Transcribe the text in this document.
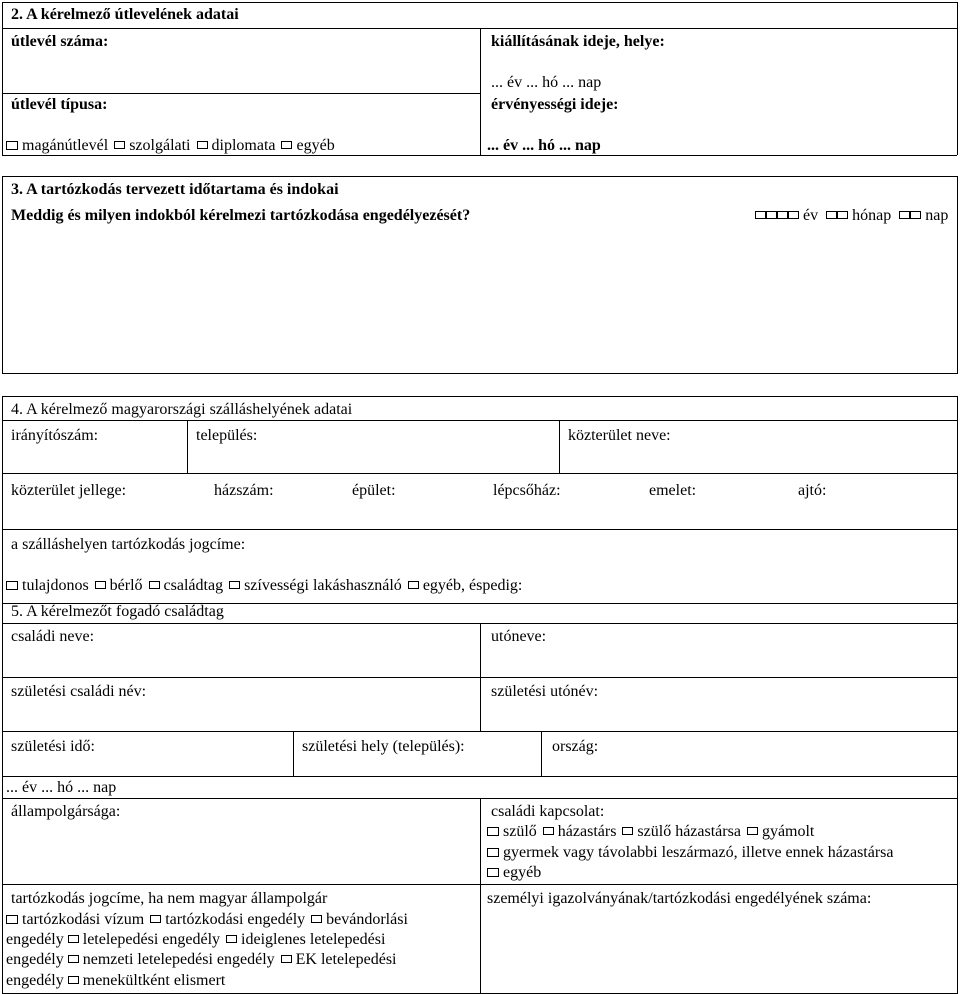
2. A kérelmező útlevelének adatai
útlevél száma:	kiállításának ideje, helye:
... év ... hó ... nap
útlevél típusa:	érvényességi ideje:
magánútlevél szolgálati diplomata egyéb	... év ... hó ... nap
3. A tartózkodás tervezett időtartama és indokai
Meddig és milyen indokból kérelmezi tartózkodása engedélyezését?	év hónap nap
4. A kérelmező magyarországi szálláshelyének adatai
irányítószám:	település:	közterület neve:
közterület jellege:	házszám:	épület:	lépcsőház:	emelet:	ajtó:
a szálláshelyen tartózkodás jogcíme:
tulajdonos bérlő családtag szívességi lakáshasználó egyéb, éspedig:
5. A kérelmezőt fogadó családtag
családi neve:	utóneve:
születési családi név:	születési utónév:
születési idő:	születési hely (település):	ország:
... év ... hó ... nap
állampolgársága:	családi kapcsolat:
szülő házastárs szülő házastársa gyámolt
gyermek vagy távolabbi leszármazó, illetve ennek házastársa
egyéb
tartózkodás jogcíme, ha nem magyar állampolgár	személyi igazolványának/tartózkodási engedélyének száma:
tartózkodási vízum tartózkodási engedély bevándorlási
engedély letelepedési engedély ideiglenes letelepedési
engedély nemzeti letelepedési engedély EK letelepedési
engedély menekültként elismert
